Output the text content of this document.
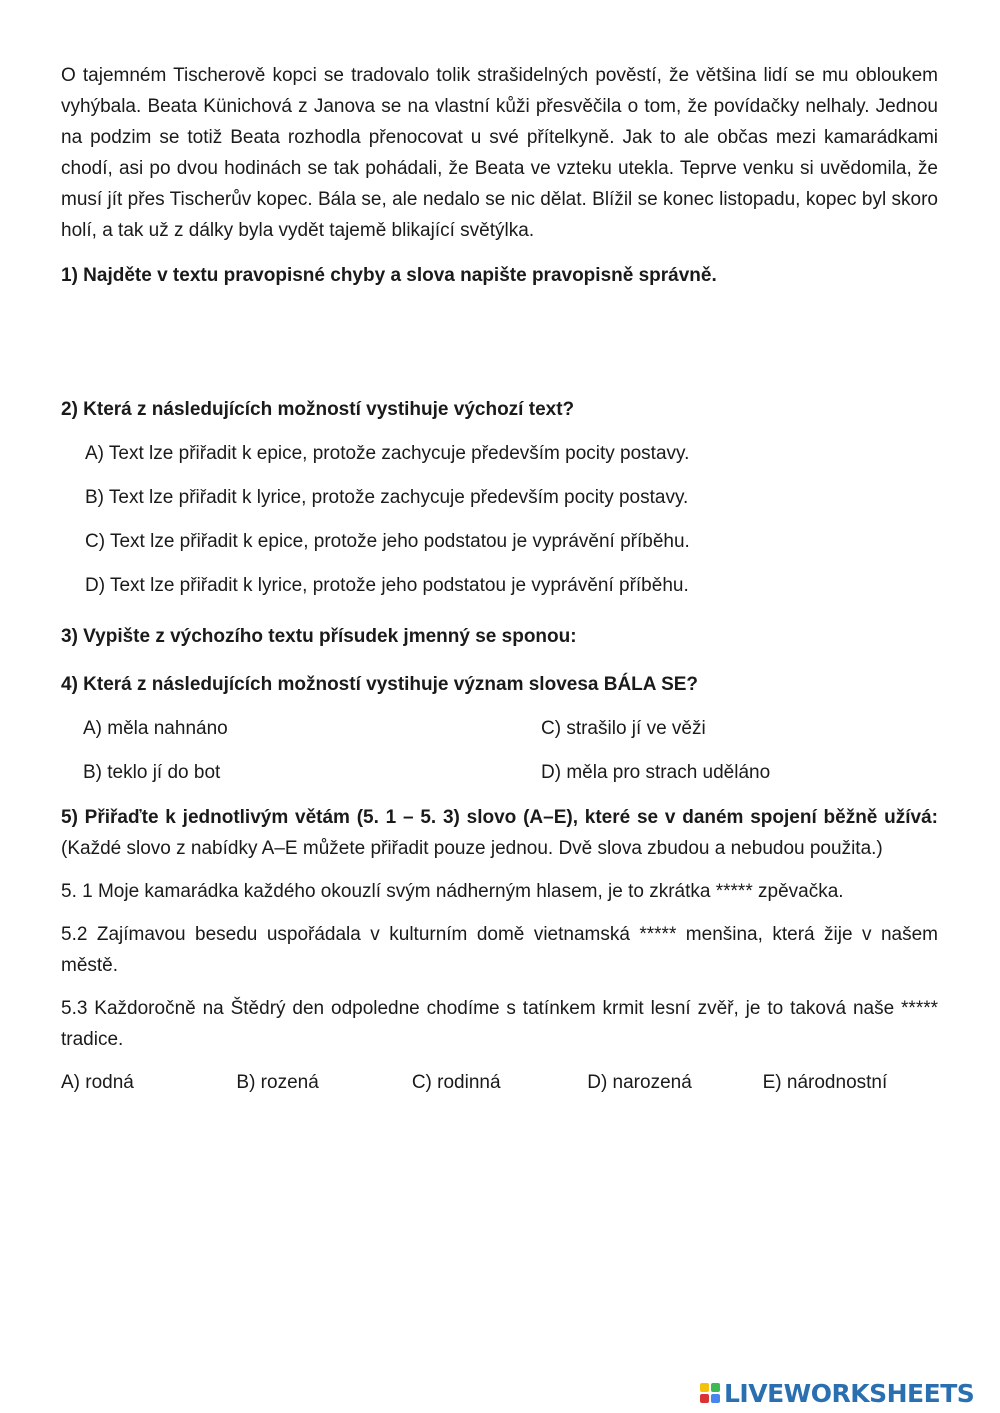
O tajemném Tischerově kopci se tradovalo tolik strašidelných pověstí, že většina lidí se mu obloukem vyhýbala. Beata Künichová z Janova se na vlastní kůži přesvěčila o tom, že povídačky nelhaly. Jednou na podzim se totiž Beata rozhodla přenocovat u své přítelkyně. Jak to ale občas mezi kamarádkami chodí, asi po dvou hodinách se tak pohádali, že Beata ve vzteku utekla. Teprve venku si uvědomila, že musí jít přes Tischerův kopec. Bála se, ale nedalo se nic dělat. Blížil se konec listopadu, kopec byl skoro holí, a tak už z dálky byla vydět tajemě blikající světýlka.

1) Najděte v textu pravopisné chyby a slova napište pravopisně správně.

2) Která z následujících možností vystihuje výchozí text?

A) Text lze přiřadit k epice, protože zachycuje především pocity postavy.

B) Text lze přiřadit k lyrice, protože zachycuje především pocity postavy.

C) Text lze přiřadit k epice, protože jeho podstatou je vyprávění příběhu.

D) Text lze přiřadit k lyrice, protože jeho podstatou je vyprávění příběhu.

3) Vypište z výchozího textu přísudek jmenný se sponou:

4) Která z následujících možností vystihuje význam slovesa BÁLA SE?

A) měla nahnáno	C) strašilo jí ve věži
B) teklo jí do bot	D) měla pro strach uděláno

5) Přiřaďte k jednotlivým větám (5. 1 – 5. 3) slovo (A–E), které se v daném spojení běžně užívá: (Každé slovo z nabídky A–E můžete přiřadit pouze jednou. Dvě slova zbudou a nebudou použita.)

5. 1 Moje kamarádka každého okouzlí svým nádherným hlasem, je to zkrátka ***** zpěvačka.

5.2 Zajímavou besedu uspořádala v kulturním domě vietnamská ***** menšina, která žije v našem městě.

5.3 Každoročně na Štědrý den odpoledne chodíme s tatínkem krmit lesní zvěř, je to taková naše ***** tradice.

A) rodná	B) rozená	C) rodinná	D) narozená	E) národnostní
LIVEWORKSHEETS
